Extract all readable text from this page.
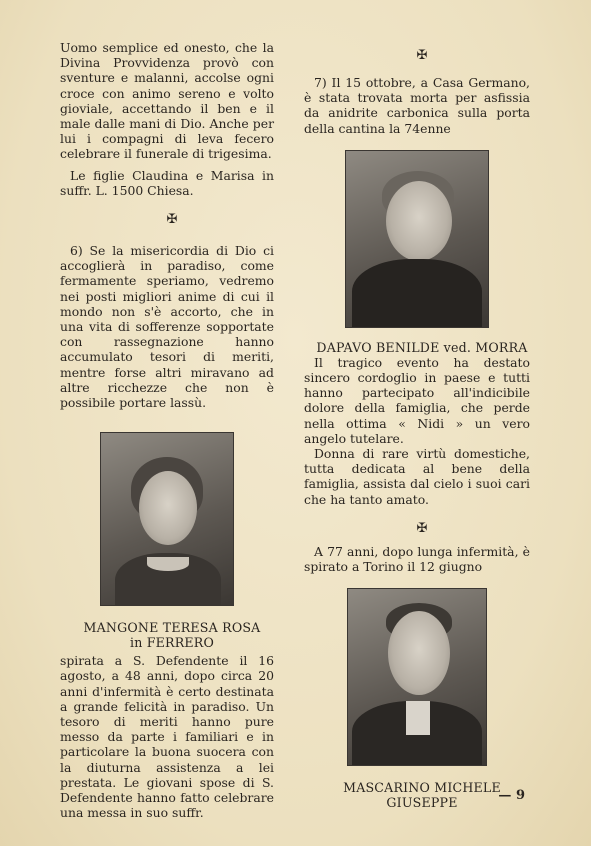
Uomo semplice ed onesto, che la Divina Provvidenza provò con sventure e malanni, accolse ogni croce con animo sereno e volto gioviale, accettando il ben e il male dalle mani di Dio. Anche per lui i compagni di leva fecero celebrare il funerale di trigesima.

Le figlie Claudina e Marisa in suffr. L. 1500 Chiesa.

✠

6) Se la misericordia di Dio ci accoglierà in paradiso, come fermamente speriamo, vedremo nei posti migliori anime di cui il mondo non s'è accorto, che in una vita di sofferenze sopportate con rassegnazione hanno accumulato tesori di meriti, mentre forse altri miravano ad altre ricchezze che non è possibile portare lassù.

MANGONE TERESA ROSA

in FERRERO

spirata a S. Defendente il 16 agosto, a 48 anni, dopo circa 20 anni d'infermità è certo destinata a grande felicità in paradiso. Un tesoro di meriti hanno pure messo da parte i familiari e in particolare la buona suocera con la diuturna assistenza a lei prestata. Le giovani spose di S. Defendente hanno fatto celebrare una messa in suo suffr.

✠

7) Il 15 ottobre, a Casa Germano, è stata trovata morta per asfissia da anidrite carbonica sulla porta della cantina la 74enne

DAPAVO BENILDE ved. MORRA

Il tragico evento ha destato sincero cordoglio in paese e tutti hanno partecipato all'indicibile dolore della famiglia, che perde nella ottima « Nidi » un vero angelo tutelare.

Donna di rare virtù domestiche, tutta dedicata al bene della famiglia, assista dal cielo i suoi cari che ha tanto amato.

✠

A 77 anni, dopo lunga infermità, è spirato a Torino il 12 giugno

MASCARINO MICHELE

GIUSEPPE	— 9
